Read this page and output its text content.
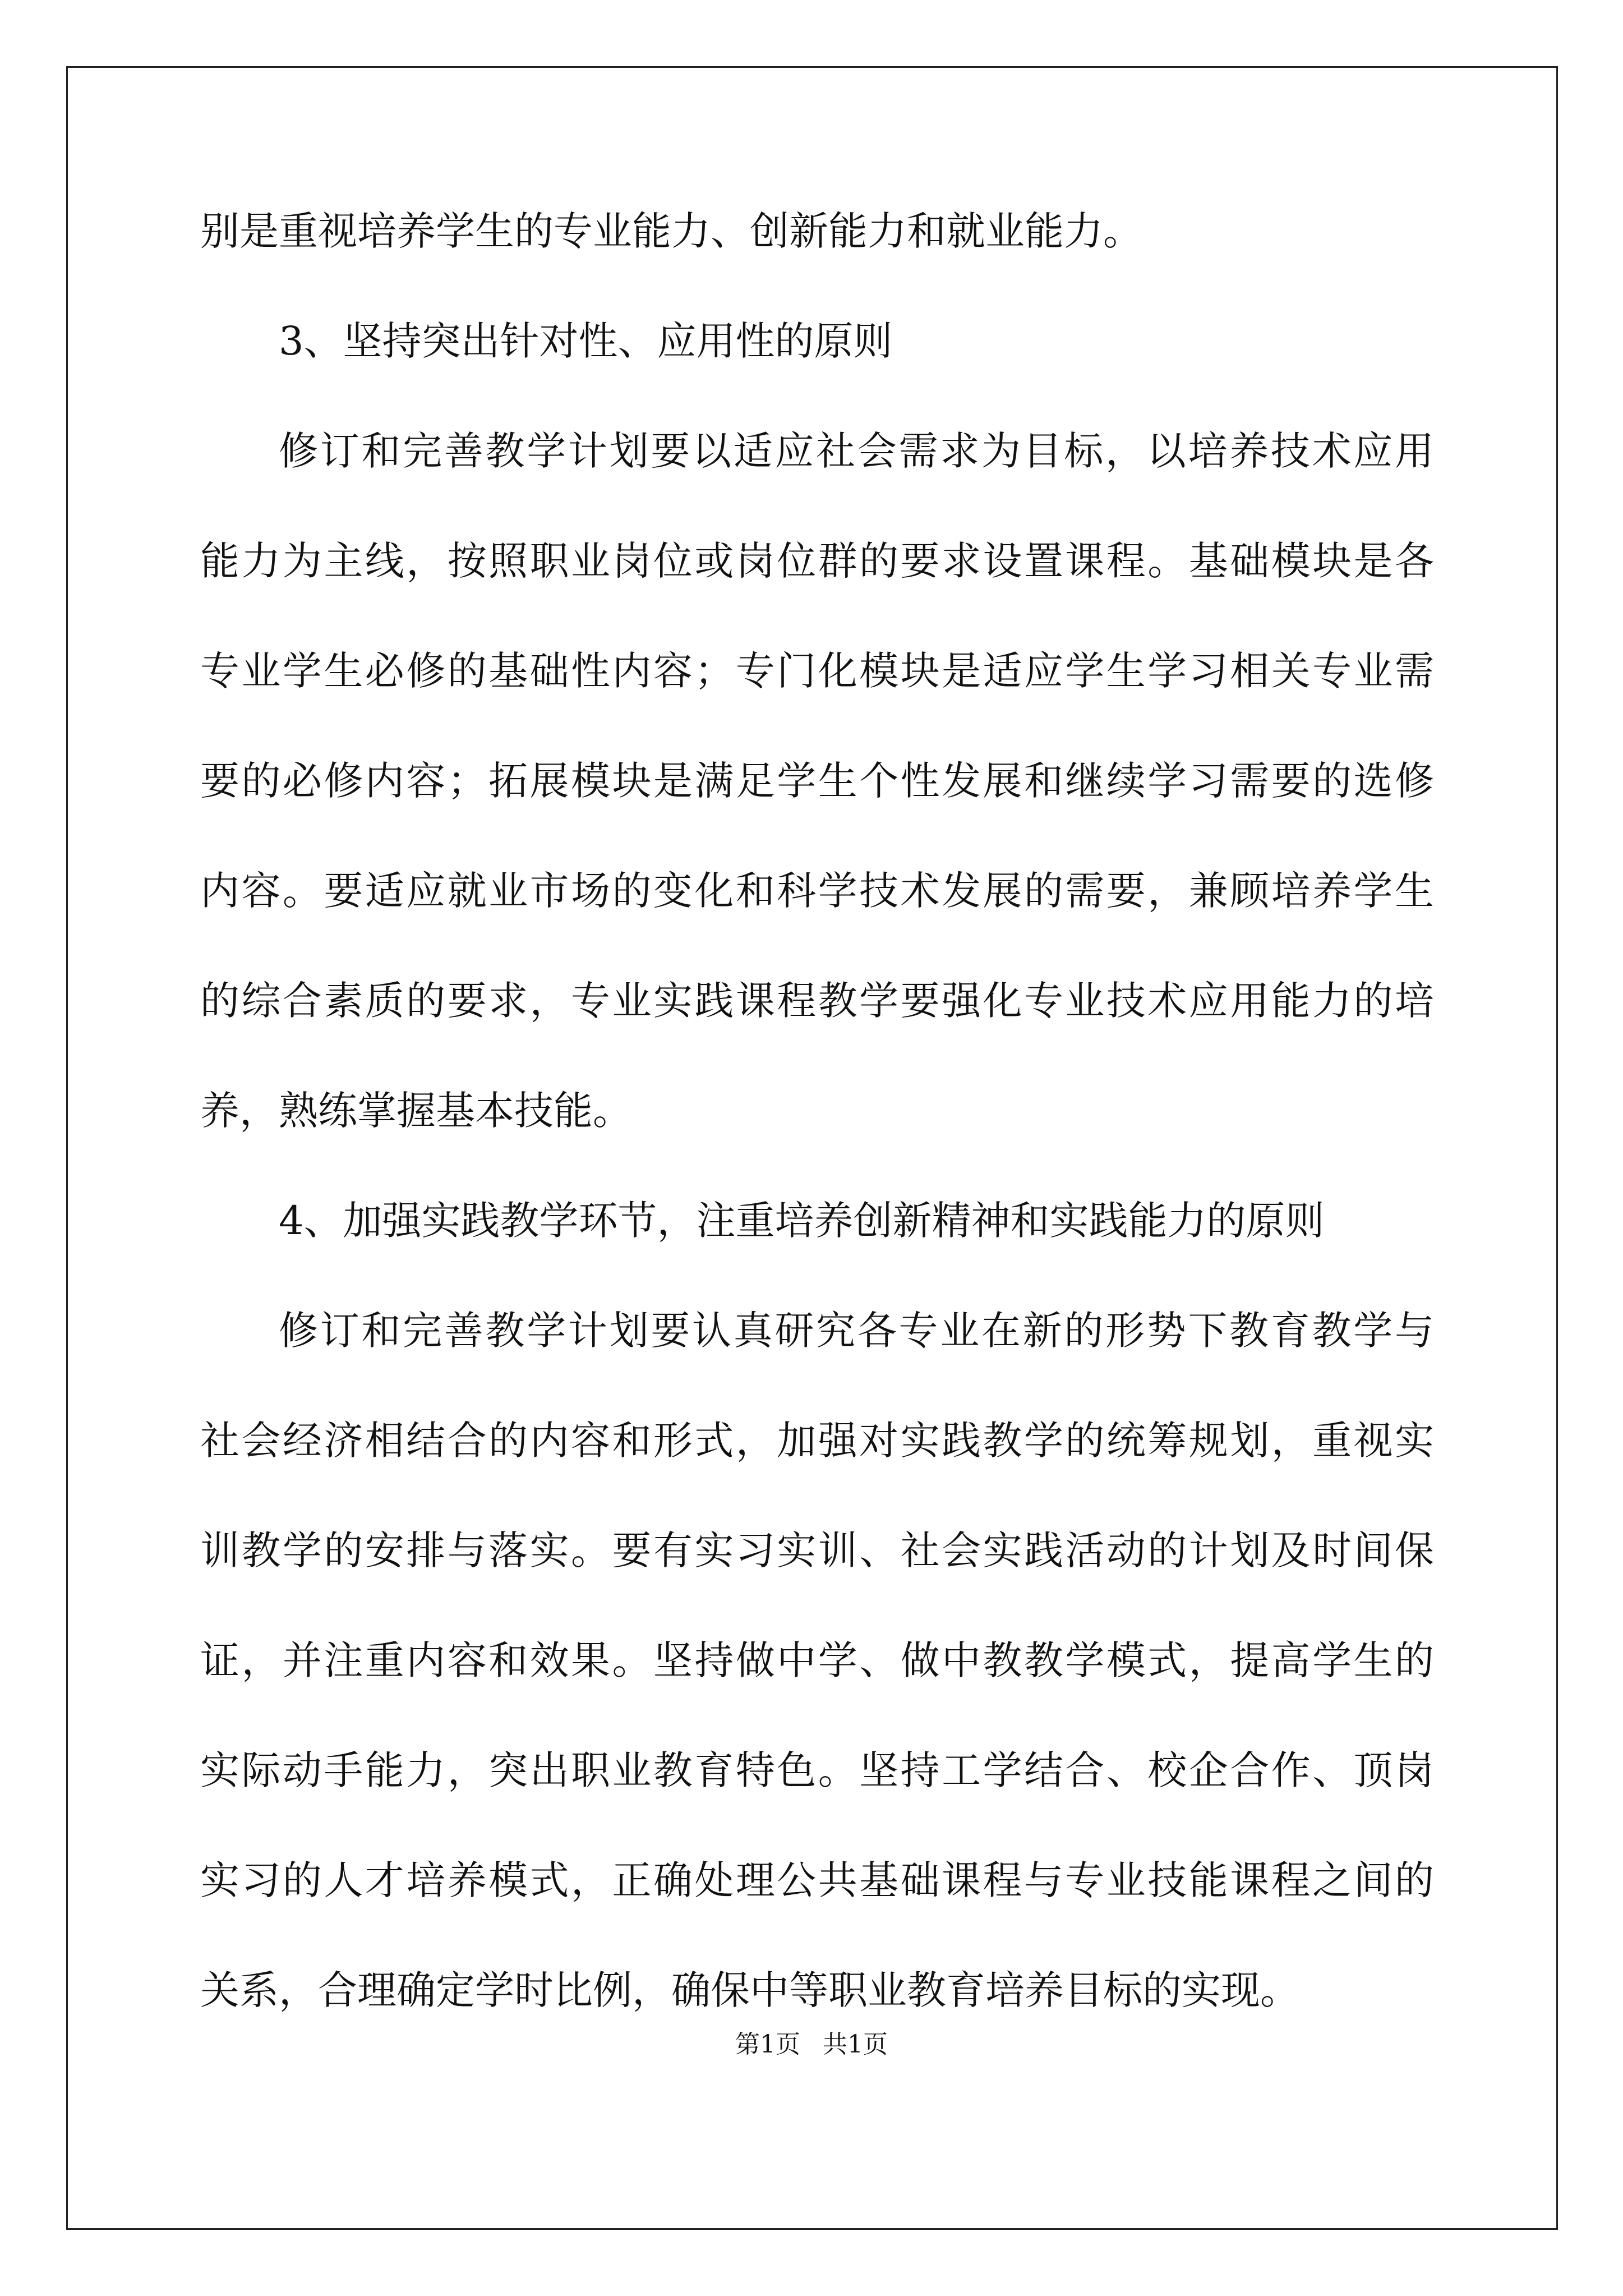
别是重视培养学生的专业能力、创新能力和就业能力。
3、坚持突出针对性、应用性的原则
修订和完善教学计划要以适应社会需求为目标，以培养技术应用
能力为主线，按照职业岗位或岗位群的要求设置课程。基础模块是各
专业学生必修的基础性内容；专门化模块是适应学生学习相关专业需
要的必修内容；拓展模块是满足学生个性发展和继续学习需要的选修
内容。要适应就业市场的变化和科学技术发展的需要，兼顾培养学生
的综合素质的要求，专业实践课程教学要强化专业技术应用能力的培
养，熟练掌握基本技能。
4、加强实践教学环节，注重培养创新精神和实践能力的原则
修订和完善教学计划要认真研究各专业在新的形势下教育教学与
社会经济相结合的内容和形式，加强对实践教学的统筹规划，重视实
训教学的安排与落实。要有实习实训、社会实践活动的计划及时间保
证，并注重内容和效果。坚持做中学、做中教教学模式，提高学生的
实际动手能力，突出职业教育特色。坚持工学结合、校企合作、顶岗
实习的人才培养模式，正确处理公共基础课程与专业技能课程之间的
关系，合理确定学时比例，确保中等职业教育培养目标的实现。
第1页 共1页
